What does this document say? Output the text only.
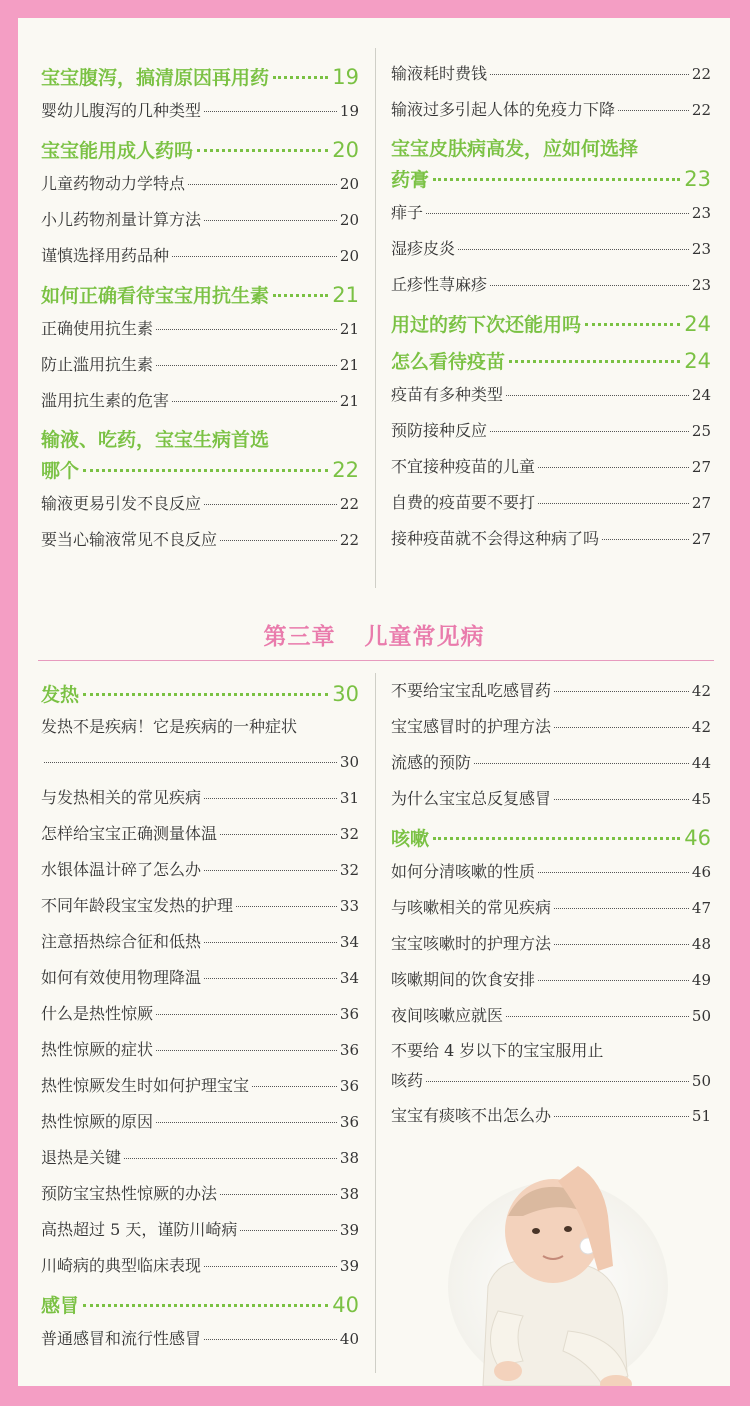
宝宝腹泻，搞清原因再用药	19
婴幼儿腹泻的几种类型	19
宝宝能用成人药吗	20
儿童药物动力学特点	20
小儿药物剂量计算方法	20
谨慎选择用药品种	20
如何正确看待宝宝用抗生素	21
正确使用抗生素	21
防止滥用抗生素	21
滥用抗生素的危害	21
输液、吃药，宝宝生病首选
哪个	22
输液更易引发不良反应	22
要当心输液常见不良反应	22
输液耗时费钱	22
输液过多引起人体的免疫力下降	22
宝宝皮肤病高发，应如何选择
药膏	23
痱子	23
湿疹皮炎	23
丘疹性荨麻疹	23
用过的药下次还能用吗	24
怎么看待疫苗	24
疫苗有多种类型	24
预防接种反应	25
不宜接种疫苗的儿童	27
自费的疫苗要不要打	27
接种疫苗就不会得这种病了吗	27
第三章 儿童常见病
发热	30
发热不是疾病！它是疾病的一种症状
30
与发热相关的常见疾病	31
怎样给宝宝正确测量体温	32
水银体温计碎了怎么办	32
不同年龄段宝宝发热的护理	33
注意捂热综合征和低热	34
如何有效使用物理降温	34
什么是热性惊厥	36
热性惊厥的症状	36
热性惊厥发生时如何护理宝宝	36
热性惊厥的原因	36
退热是关键	38
预防宝宝热性惊厥的办法	38
高热超过 5 天，谨防川崎病	39
川崎病的典型临床表现	39
感冒	40
普通感冒和流行性感冒	40
不要给宝宝乱吃感冒药	42
宝宝感冒时的护理方法	42
流感的预防	44
为什么宝宝总反复感冒	45
咳嗽	46
如何分清咳嗽的性质	46
与咳嗽相关的常见疾病	47
宝宝咳嗽时的护理方法	48
咳嗽期间的饮食安排	49
夜间咳嗽应就医	50
不要给 4 岁以下的宝宝服用止
咳药	50
宝宝有痰咳不出怎么办	51
